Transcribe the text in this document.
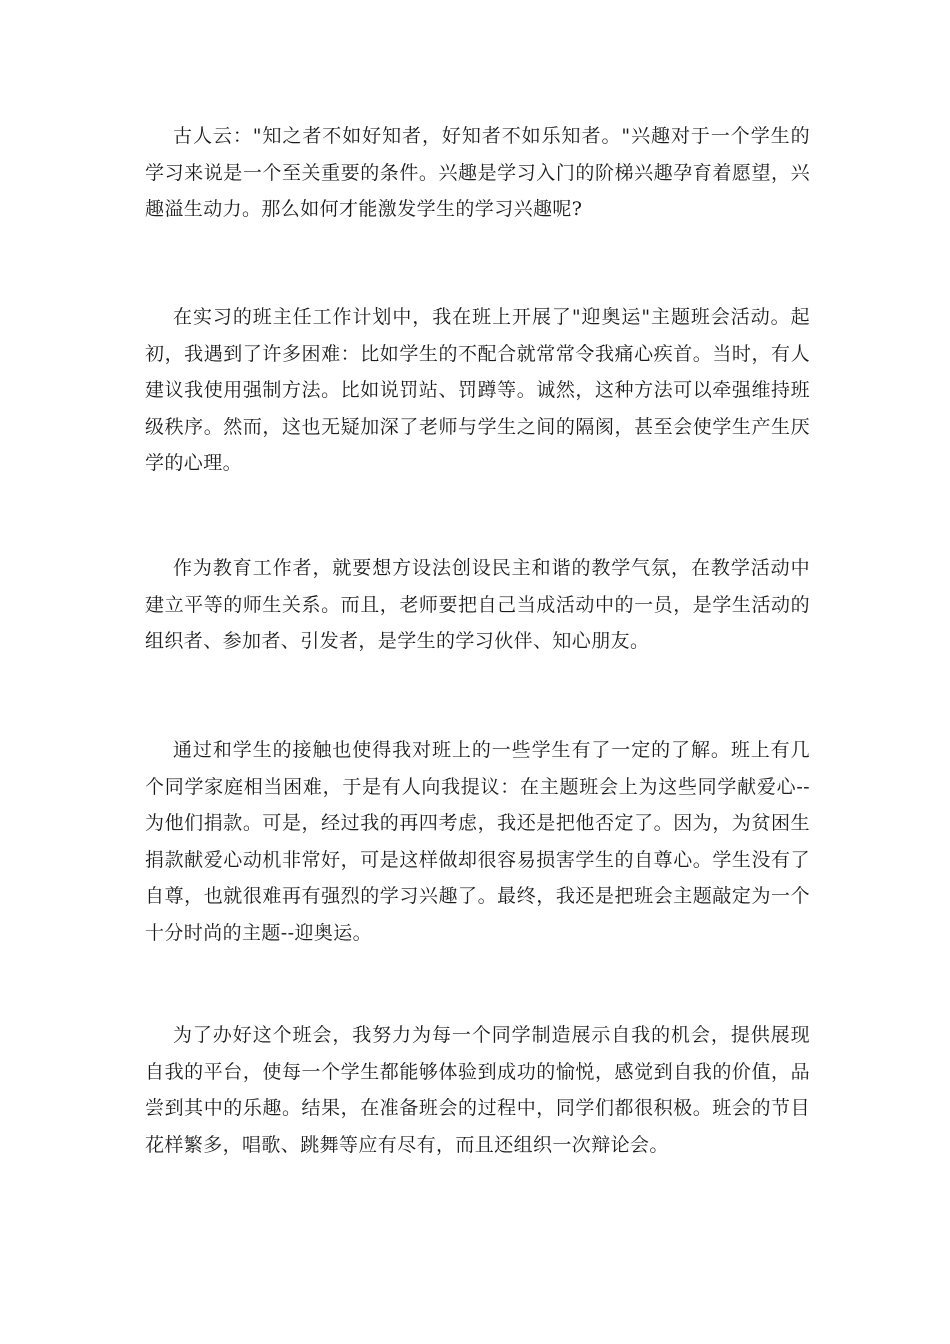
古人云："知之者不如好知者，好知者不如乐知者。"兴趣对于一个学生的学习来说是一个至关重要的条件。兴趣是学习入门的阶梯兴趣孕育着愿望，兴趣溢生动力。那么如何才能激发学生的学习兴趣呢?

在实习的班主任工作计划中，我在班上开展了"迎奥运"主题班会活动。起初，我遇到了许多困难：比如学生的不配合就常常令我痛心疾首。当时，有人建议我使用强制方法。比如说罚站、罚蹲等。诚然，这种方法可以牵强维持班级秩序。然而，这也无疑加深了老师与学生之间的隔阂，甚至会使学生产生厌学的心理。

作为教育工作者，就要想方设法创设民主和谐的教学气氛，在教学活动中建立平等的师生关系。而且，老师要把自己当成活动中的一员，是学生活动的组织者、参加者、引发者，是学生的学习伙伴、知心朋友。

通过和学生的接触也使得我对班上的一些学生有了一定的了解。班上有几个同学家庭相当困难，于是有人向我提议：在主题班会上为这些同学献爱心--为他们捐款。可是，经过我的再四考虑，我还是把他否定了。因为，为贫困生捐款献爱心动机非常好，可是这样做却很容易损害学生的自尊心。学生没有了自尊，也就很难再有强烈的学习兴趣了。最终，我还是把班会主题敲定为一个十分时尚的主题--迎奥运。

为了办好这个班会，我努力为每一个同学制造展示自我的机会，提供展现自我的平台，使每一个学生都能够体验到成功的愉悦，感觉到自我的价值，品尝到其中的乐趣。结果，在准备班会的过程中，同学们都很积极。班会的节目花样繁多，唱歌、跳舞等应有尽有，而且还组织一次辩论会。
